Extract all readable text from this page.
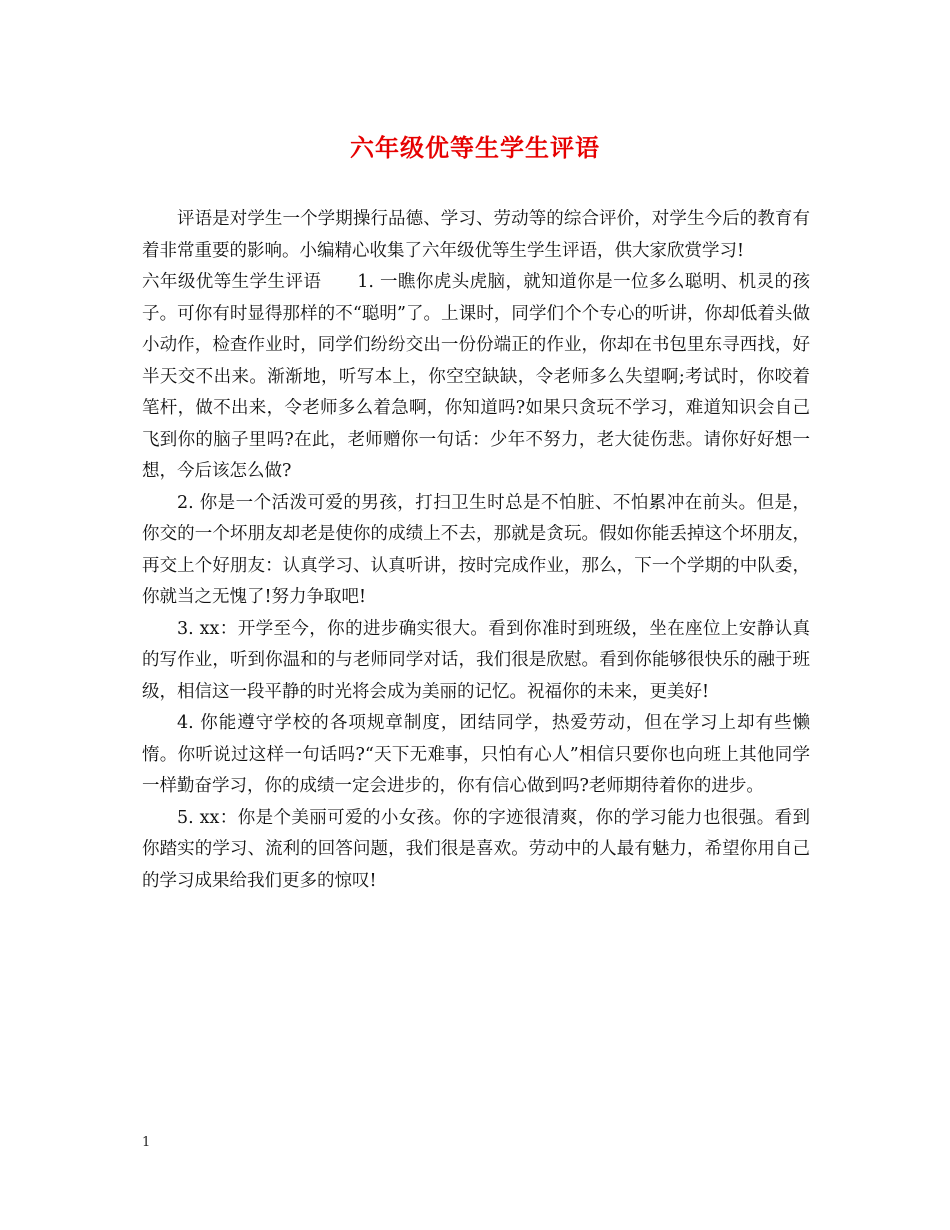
六年级优等生学生评语

评语是对学生一个学期操行品德、学习、劳动等的综合评价，对学生今后的教育有着非常重要的影响。小编精心收集了六年级优等生学生评语，供大家欣赏学习!

六年级优等生学生评语　　1. 一瞧你虎头虎脑，就知道你是一位多么聪明、机灵的孩子。可你有时显得那样的不“聪明”了。上课时，同学们个个专心的听讲，你却低着头做小动作，检查作业时，同学们纷纷交出一份份端正的作业，你却在书包里东寻西找，好半天交不出来。渐渐地，听写本上，你空空缺缺，令老师多么失望啊;考试时，你咬着笔杆，做不出来，令老师多么着急啊，你知道吗?如果只贪玩不学习，难道知识会自己飞到你的脑子里吗?在此，老师赠你一句话：少年不努力，老大徒伤悲。请你好好想一想，今后该怎么做?

2. 你是一个活泼可爱的男孩，打扫卫生时总是不怕脏、不怕累冲在前头。但是，你交的一个坏朋友却老是使你的成绩上不去，那就是贪玩。假如你能丢掉这个坏朋友，再交上个好朋友：认真学习、认真听讲，按时完成作业，那么，下一个学期的中队委，你就当之无愧了!努力争取吧!

3. xx：开学至今，你的进步确实很大。看到你准时到班级，坐在座位上安静认真的写作业，听到你温和的与老师同学对话，我们很是欣慰。看到你能够很快乐的融于班级，相信这一段平静的时光将会成为美丽的记忆。祝福你的未来，更美好!

4. 你能遵守学校的各项规章制度，团结同学，热爱劳动，但在学习上却有些懒惰。你听说过这样一句话吗?“天下无难事，只怕有心人”相信只要你也向班上其他同学一样勤奋学习，你的成绩一定会进步的，你有信心做到吗?老师期待着你的进步。

5. xx：你是个美丽可爱的小女孩。你的字迹很清爽，你的学习能力也很强。看到你踏实的学习、流利的回答问题，我们很是喜欢。劳动中的人最有魅力，希望你用自己的学习成果给我们更多的惊叹!

1
